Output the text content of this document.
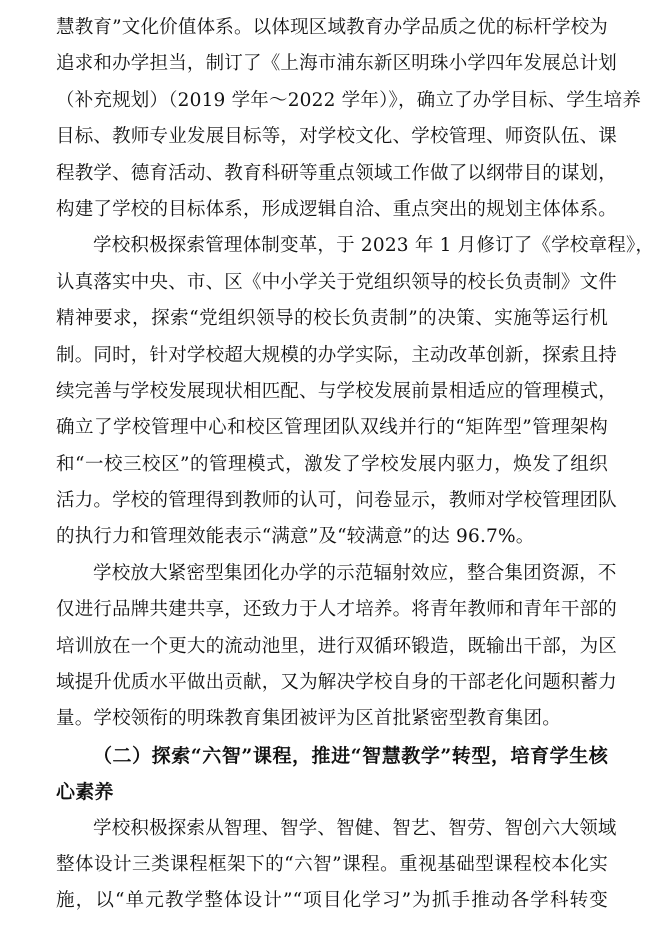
慧教育”文化价值体系。以体现区域教育办学品质之优的标杆学校为
追求和办学担当，制订了《上海市浦东新区明珠小学四年发展总计划
（补充规划）（2019 学年～2022 学年）》，确立了办学目标、学生培养
目标、教师专业发展目标等，对学校文化、学校管理、师资队伍、课
程教学、德育活动、教育科研等重点领域工作做了以纲带目的谋划，
构建了学校的目标体系，形成逻辑自洽、重点突出的规划主体体系。
学校积极探索管理体制变革，于 2023 年 1 月修订了《学校章程》，
认真落实中央、市、区《中小学关于党组织领导的校长负责制》文件
精神要求，探索“党组织领导的校长负责制”的决策、实施等运行机
制。同时，针对学校超大规模的办学实际，主动改革创新，探索且持
续完善与学校发展现状相匹配、与学校发展前景相适应的管理模式，
确立了学校管理中心和校区管理团队双线并行的“矩阵型”管理架构
和“一校三校区”的管理模式，激发了学校发展内驱力，焕发了组织
活力。学校的管理得到教师的认可，问卷显示，教师对学校管理团队
的执行力和管理效能表示“满意”及“较满意”的达 96.7%。
学校放大紧密型集团化办学的示范辐射效应，整合集团资源，不
仅进行品牌共建共享，还致力于人才培养。将青年教师和青年干部的
培训放在一个更大的流动池里，进行双循环锻造，既输出干部，为区
域提升优质水平做出贡献，又为解决学校自身的干部老化问题积蓄力
量。学校领衔的明珠教育集团被评为区首批紧密型教育集团。
（二）探索“六智”课程，推进“智慧教学”转型，培育学生核
心素养
学校积极探索从智理、智学、智健、智艺、智劳、智创六大领域
整体设计三类课程框架下的“六智”课程。重视基础型课程校本化实
施，以“单元教学整体设计”“项目化学习”为抓手推动各学科转变
